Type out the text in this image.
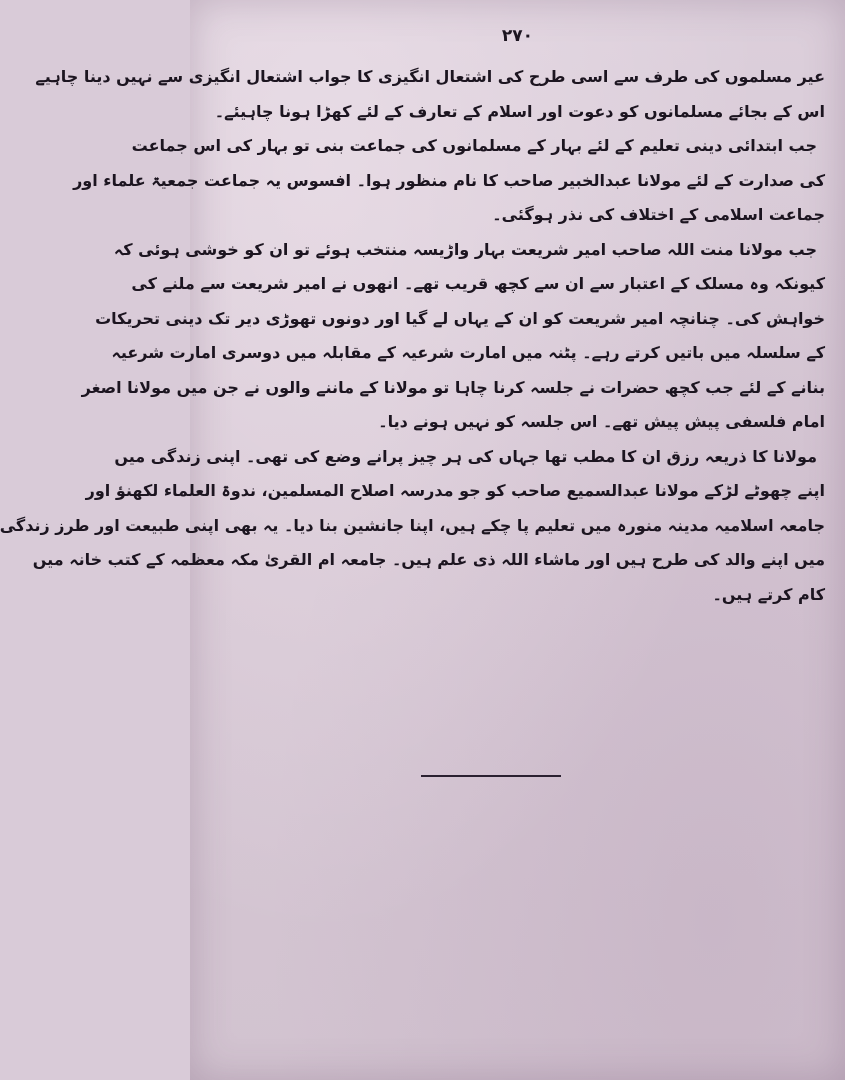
۲۷۰
عیر مسلموں کی طرف سے اسی طرح کی اشتعال انگیزی کا جواب اشتعال انگیزی سے نہیں دینا چاہیے
اس کے بجائے مسلمانوں کو دعوت اور اسلام کے تعارف کے لئے کھڑا ہونا چاہیئے۔
جب ابتدائی دینی تعلیم کے لئے بہار کے مسلمانوں کی جماعت بنی تو بہار کی اس جماعت
کی صدارت کے لئے مولانا عبدالخبیر صاحب کا نام منظور ہوا۔ افسوس یہ جماعت جمعیۃ علماء اور
جماعت اسلامی کے اختلاف کی نذر ہوگئی۔
جب مولانا منت اللہ صاحب امیر شریعت بہار واڑیسہ منتخب ہوئے تو ان کو خوشی ہوئی کہ
کیونکہ وہ مسلک کے اعتبار سے ان سے کچھ قریب تھے۔ انھوں نے امیر شریعت سے ملنے کی
خواہش کی۔ چنانچہ امیر شریعت کو ان کے یہاں لے گیا اور دونوں تھوڑی دیر تک دینی تحریکات
کے سلسلہ میں باتیں کرتے رہے۔ پٹنہ میں امارت شرعیہ کے مقابلہ میں دوسری امارت شرعیہ
بنانے کے لئے جب کچھ حضرات نے جلسہ کرنا چاہا تو مولانا کے ماننے والوں نے جن میں مولانا اصغر
امام فلسفی پیش پیش تھے۔ اس جلسہ کو نہیں ہونے دیا۔
مولانا کا ذریعہ رزق ان کا مطب تھا جہاں کی ہر چیز پرانے وضع کی تھی۔ اپنی زندگی میں
اپنے چھوٹے لڑکے مولانا عبدالسمیع صاحب کو جو مدرسہ اصلاح المسلمین، ندوۃ العلماء لکھنؤ اور
جامعہ اسلامیہ مدینہ منورہ میں تعلیم پا چکے ہیں، اپنا جانشین بنا دیا۔ یہ بھی اپنی طبیعت اور طرز زندگی
میں اپنے والد کی طرح ہیں اور ماشاء اللہ ذی علم ہیں۔ جامعہ ام القریٰ مکہ معظمہ کے کتب خانہ میں
کام کرتے ہیں۔
